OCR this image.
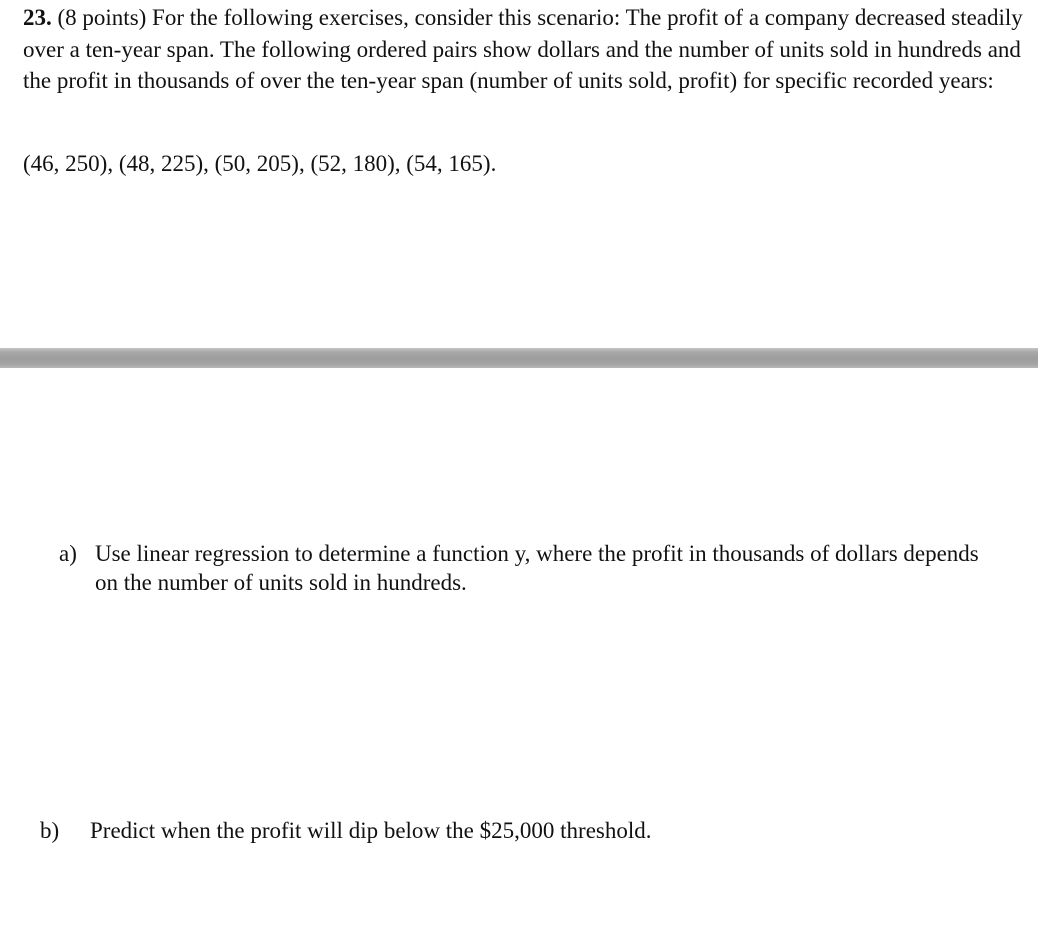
23. (8 points) For the following exercises, consider this scenario: The profit of a company decreased steadily over a ten-year span. The following ordered pairs show dollars and the number of units sold in hundreds and the profit in thousands of over the ten-year span (number of units sold, profit) for specific recorded years:

(46, 250), (48, 225), (50, 205), (52, 180), (54, 165).

a) Use linear regression to determine a function y, where the profit in thousands of dollars depends on the number of units sold in hundreds.
b) Predict when the profit will dip below the $25,000 threshold.
